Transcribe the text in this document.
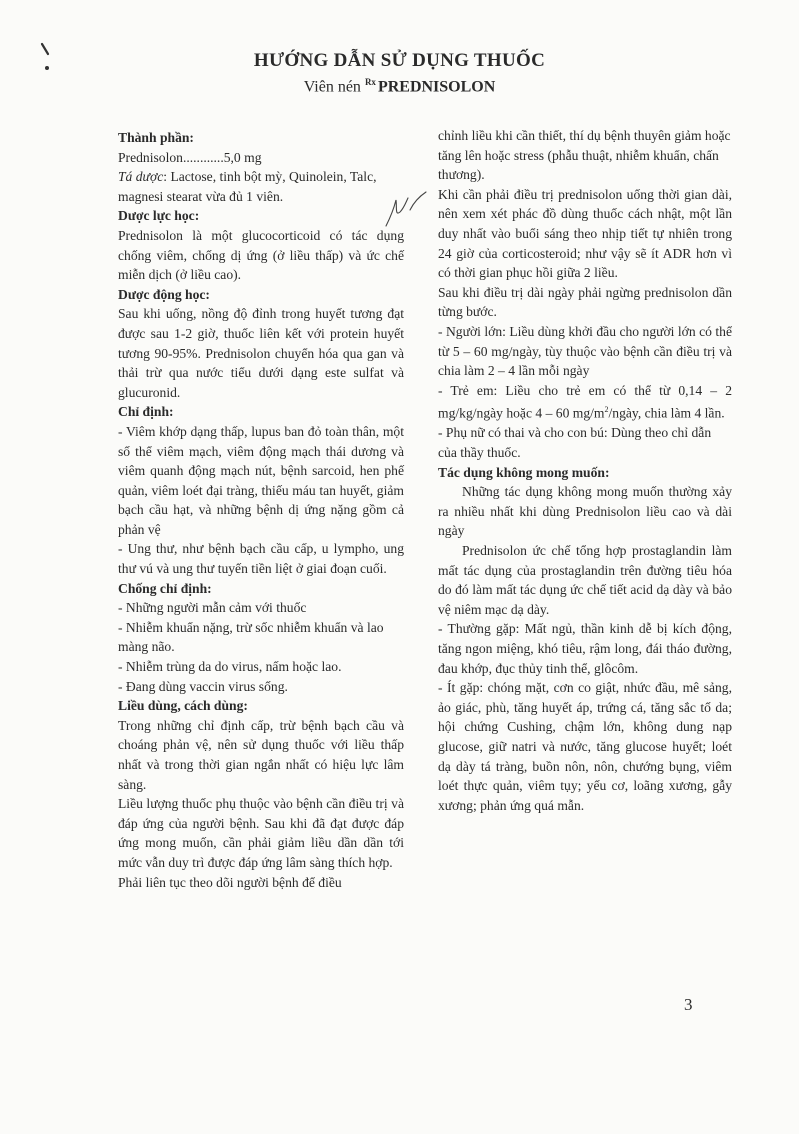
HƯỚNG DẪN SỬ DỤNG THUỐC
Viên nén $^{Rx}$ PREDNISOLON

Thành phần:

Prednisolon............5,0 mg

Tá dược: Lactose, tinh bột mỳ, Quinolein, Talc, magnesi stearat vừa đủ 1 viên.

Dược lực học:

Prednisolon là một glucocorticoid có tác dụng chống viêm, chống dị ứng (ở liều thấp) và ức chế miễn dịch (ở liều cao).

Dược động học:

Sau khi uống, nồng độ đỉnh trong huyết tương đạt được sau 1-2 giờ, thuốc liên kết với protein huyết tương 90-95%. Prednisolon chuyển hóa qua gan và thải trừ qua nước tiểu dưới dạng este sulfat và glucuronid.

Chỉ định:

- Viêm khớp dạng thấp, lupus ban đỏ toàn thân, một số thể viêm mạch, viêm động mạch thái dương và viêm quanh động mạch nút, bệnh sarcoid, hen phế quản, viêm loét đại tràng, thiếu máu tan huyết, giảm bạch cầu hạt, và những bệnh dị ứng nặng gồm cả phản vệ

- Ung thư, như bệnh bạch cầu cấp, u lympho, ung thư vú và ung thư tuyến tiền liệt ở giai đoạn cuối.

Chống chỉ định:

- Những người mẫn cảm với thuốc

- Nhiễm khuẩn nặng, trừ sốc nhiễm khuẩn và lao màng não.

- Nhiễm trùng da do virus, nấm hoặc lao.

- Đang dùng vaccin virus sống.

Liều dùng, cách dùng:

Trong những chỉ định cấp, trừ bệnh bạch cầu và choáng phản vệ, nên sử dụng thuốc với liều thấp nhất và trong thời gian ngắn nhất có hiệu lực lâm sàng.

Liều lượng thuốc phụ thuộc vào bệnh cần điều trị và đáp ứng của người bệnh. Sau khi đã đạt được đáp ứng mong muốn, cần phải giảm liều dần dần tới mức vẫn duy trì được đáp ứng lâm sàng thích hợp.

Phải liên tục theo dõi người bệnh để điều

chỉnh liều khi cần thiết, thí dụ bệnh thuyên giảm hoặc tăng lên hoặc stress (phẫu thuật, nhiễm khuẩn, chấn thương).

Khi cần phải điều trị prednisolon uống thời gian dài, nên xem xét phác đồ dùng thuốc cách nhật, một lần duy nhất vào buổi sáng theo nhịp tiết tự nhiên trong 24 giờ của corticosteroid; như vậy sẽ ít ADR hơn vì có thời gian phục hồi giữa 2 liều.

Sau khi điều trị dài ngày phải ngừng prednisolon dần từng bước.

- Người lớn: Liều dùng khởi đầu cho người lớn có thể từ 5 – 60 mg/ngày, tùy thuộc vào bệnh cần điều trị và chia làm 2 – 4 lần mỗi ngày

- Trẻ em: Liều cho trẻ em có thể từ 0,14 – 2 mg/kg/ngày hoặc 4 – 60 $mg/m^2$/ngày, chia làm 4 lần.

- Phụ nữ có thai và cho con bú: Dùng theo chỉ dẫn của thầy thuốc.

Tác dụng không mong muốn:

Những tác dụng không mong muốn thường xảy ra nhiều nhất khi dùng Prednisolon liều cao và dài ngày

Prednisolon ức chế tổng hợp prostaglandin làm mất tác dụng của prostaglandin trên đường tiêu hóa do đó làm mất tác dụng ức chế tiết acid dạ dày và bảo vệ niêm mạc dạ dày.

- Thường gặp: Mất ngủ, thần kinh dễ bị kích động, tăng ngon miệng, khó tiêu, rậm long, đái tháo đường, đau khớp, đục thủy tinh thể, glôcôm.

- Ít gặp: chóng mặt, cơn co giật, nhức đầu, mê sảng, ảo giác, phù, tăng huyết áp, trứng cá, tăng sắc tố da; hội chứng Cushing, chậm lớn, không dung nạp glucose, giữ natri và nước, tăng glucose huyết; loét dạ dày tá tràng, buồn nôn, nôn, chướng bụng, viêm loét thực quản, viêm tụy; yếu cơ, loãng xương, gẫy xương; phản ứng quá mẫn.

3
